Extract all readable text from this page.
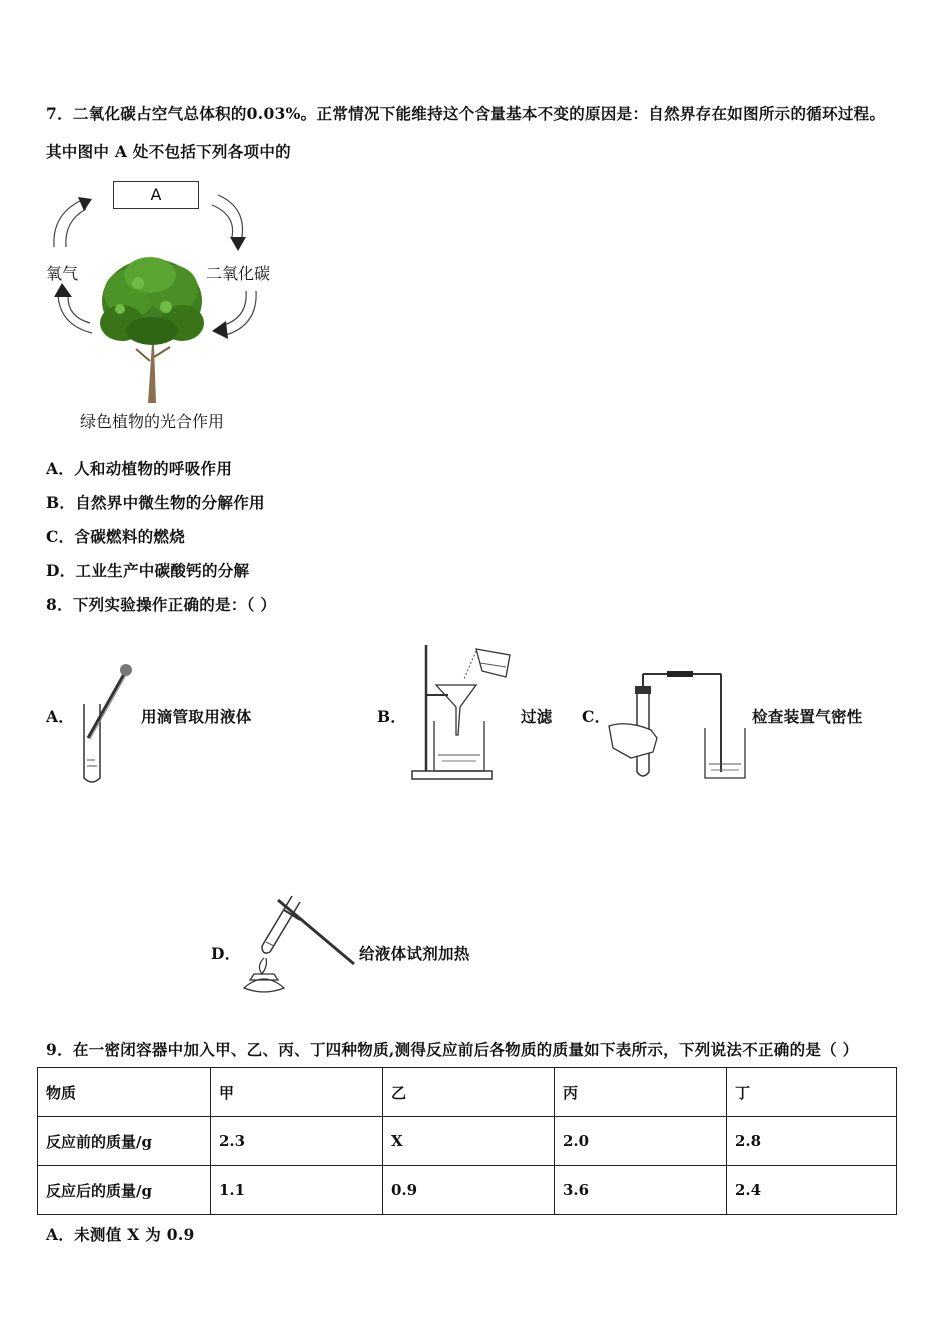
7．二氧化碳占空气总体积的0.03%。正常情况下能维持这个含量基本不变的原因是：自然界存在如图所示的循环过程。
其中图中 A 处不包括下列各项中的
A
氧气	二氧化碳
绿色植物的光合作用
A．人和动植物的呼吸作用
B．自然界中微生物的分解作用
C．含碳燃料的燃烧
D．工业生产中碳酸钙的分解
8．下列实验操作正确的是：（ ）
A．	用滴管取用液体	B．	过滤 C．	检查装置气密性
D．	给液体试剂加热
9．在一密闭容器中加入甲、乙、丙、丁四种物质,测得反应前后各物质的质量如下表所示，下列说法不正确的是（ ）
物质	甲	乙	丙	丁
反应前的质量/g	2.3	X	2.0	2.8
反应后的质量/g	1.1	0.9	3.6	2.4
A．未测值 X 为 0.9
